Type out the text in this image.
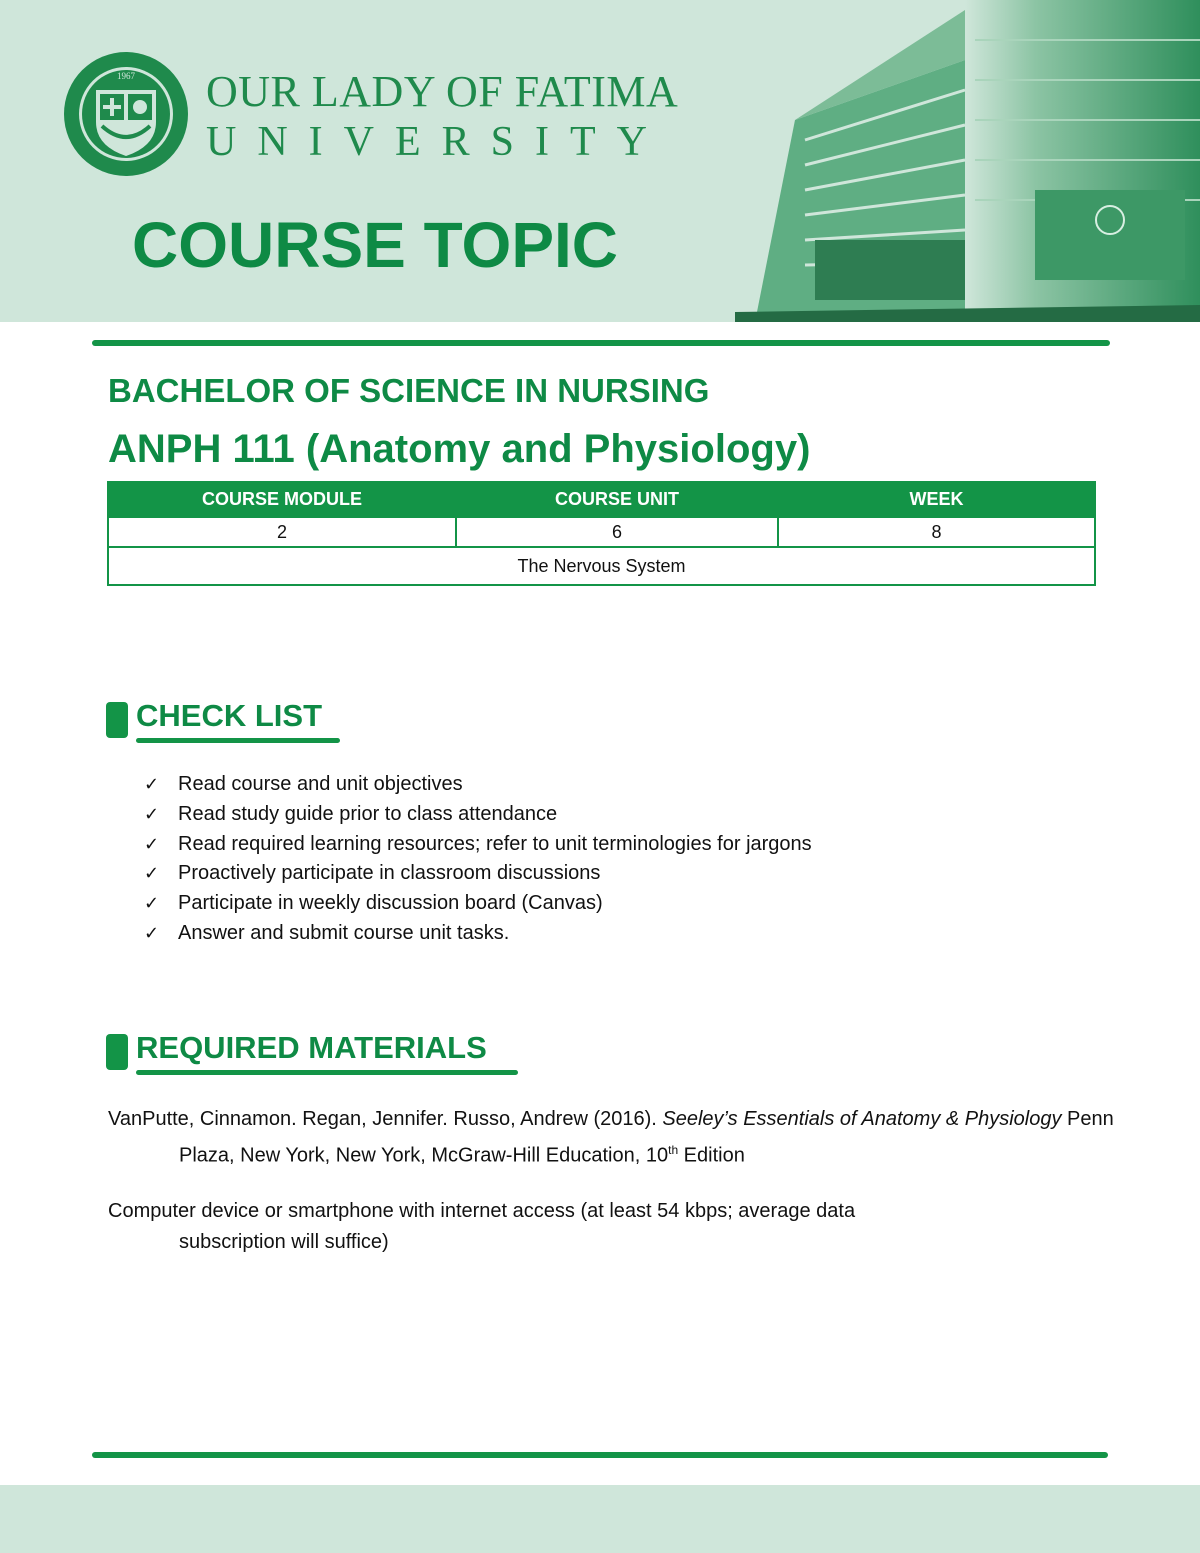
1967 OUR LADY OF FATIMA
UNIVERSITY
COURSE TOPIC
BACHELOR OF SCIENCE IN NURSING
ANPH 111 (Anatomy and Physiology)
COURSE MODULE	COURSE UNIT	WEEK
2	6	8
The Nervous System		
CHECK LIST
✓ Read course and unit objectives
✓ Read study guide prior to class attendance
✓ Read required learning resources; refer to unit terminologies for jargons
✓ Proactively participate in classroom discussions
✓ Participate in weekly discussion board (Canvas)
✓ Answer and submit course unit tasks.
REQUIRED MATERIALS
VanPutte, Cinnamon. Regan, Jennifer. Russo, Andrew (2016). Seeley’s Essentials of Anatomy & Physiology Penn Plaza, New York, New York, McGraw-Hill Education, 10th Edition
Computer device or smartphone with internet access (at least 54 kbps; average data
subscription will suffice)
